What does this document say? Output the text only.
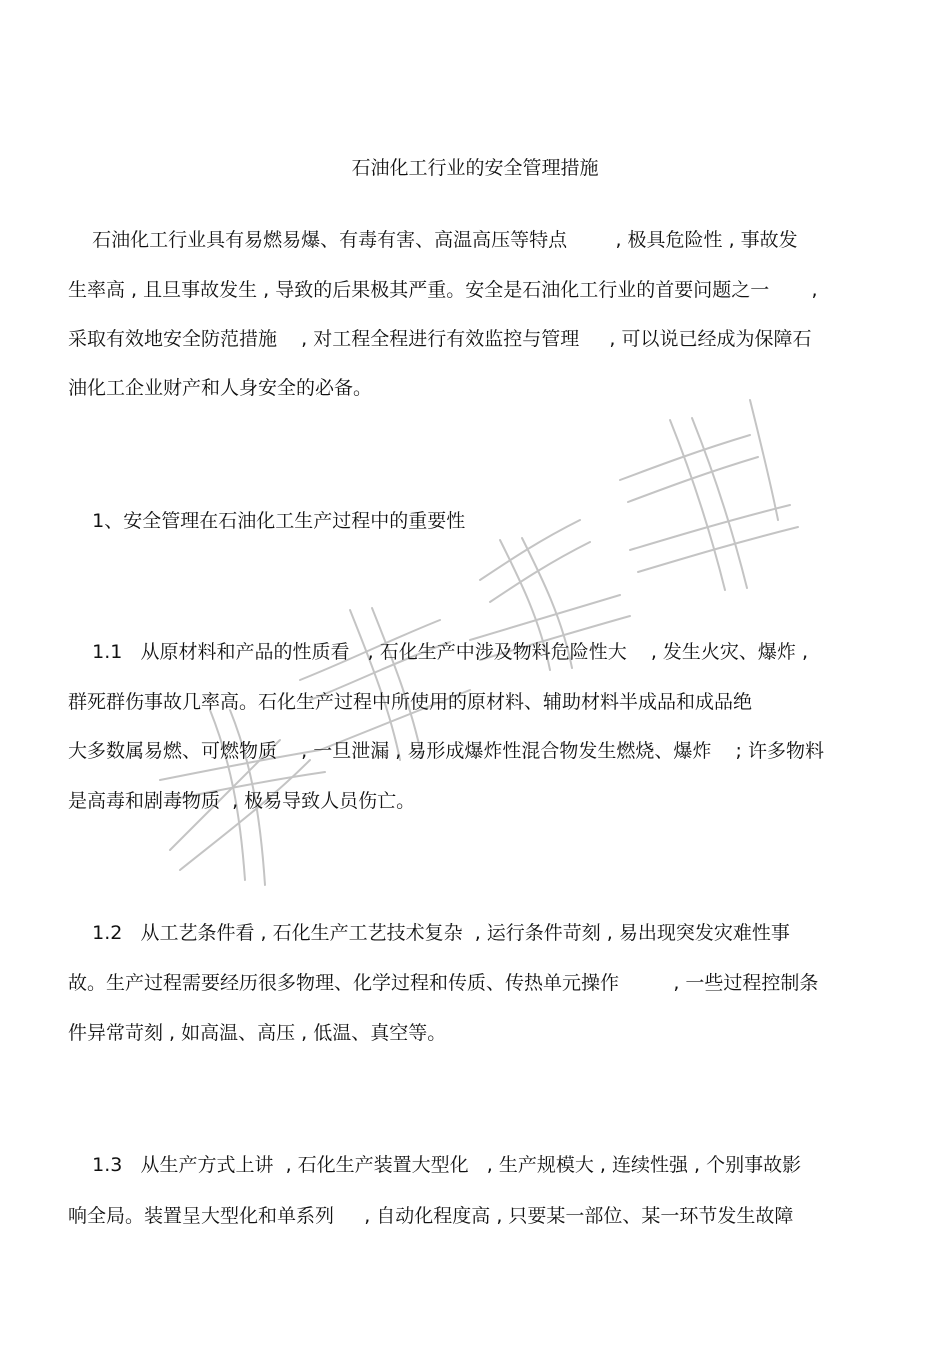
石油化工行业的安全管理措施

石油化工行业具有易燃易爆、有毒有害、高温高压等特点        , 极具危险性 , 事故发

生率高 , 且旦事故发生 , 导致的后果极其严重。安全是石油化工行业的首要问题之一       ,

采取有效地安全防范措施    , 对工程全程进行有效监控与管理     , 可以说已经成为保障石

油化工企业财产和人身安全的必备。

1、安全管理在石油化工生产过程中的重要性

1.1   从原材料和产品的性质看   , 石化生产中涉及物料危险性大    , 发生火灾、爆炸 ,

群死群伤事故几率高。石化生产过程中所使用的原材料、辅助材料半成品和成品绝

大多数属易燃、可燃物质    , 一旦泄漏 , 易形成爆炸性混合物发生燃烧、爆炸    ; 许多物料

是高毒和剧毒物质  , 极易导致人员伤亡。

1.2   从工艺条件看 , 石化生产工艺技术复杂  , 运行条件苛刻 , 易出现突发灾难性事

故。生产过程需要经历很多物理、化学过程和传质、传热单元操作         , 一些过程控制条

件异常苛刻 , 如高温、高压 , 低温、真空等。

1.3   从生产方式上讲  , 石化生产装置大型化   , 生产规模大 , 连续性强 , 个别事故影

响全局。装置呈大型化和单系列     , 自动化程度高 , 只要某一部位、某一环节发生故障
